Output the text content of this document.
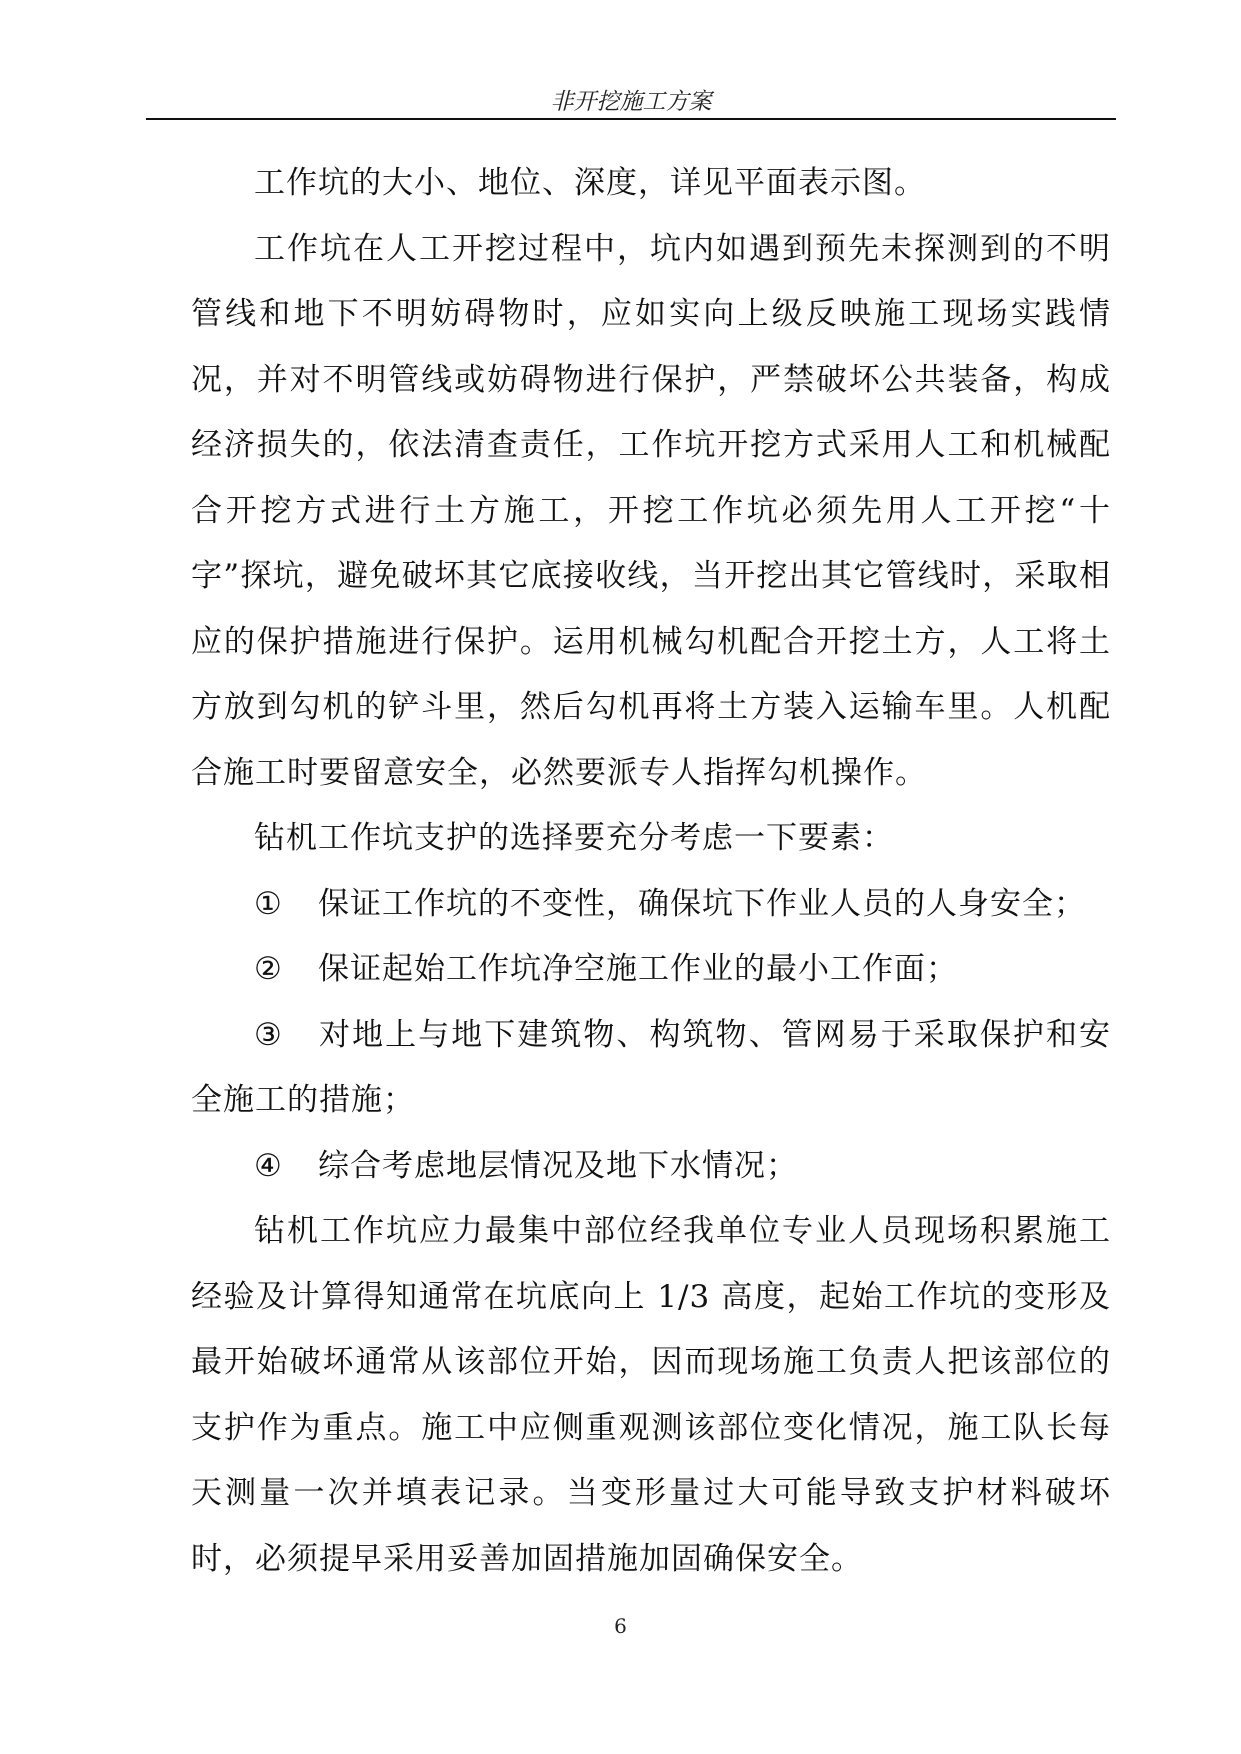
非开挖施工方案

工作坑的大小、地位、深度，详见平面表示图。

工作坑在人工开挖过程中，坑内如遇到预先未探测到的不明管线和地下不明妨碍物时，应如实向上级反映施工现场实践情况，并对不明管线或妨碍物进行保护，严禁破坏公共装备，构成经济损失的，依法清查责任，工作坑开挖方式采用人工和机械配合开挖方式进行土方施工，开挖工作坑必须先用人工开挖“十字”探坑，避免破坏其它底接收线，当开挖出其它管线时，采取相应的保护措施进行保护。运用机械勾机配合开挖土方，人工将土方放到勾机的铲斗里，然后勾机再将土方装入运输车里。人机配合施工时要留意安全，必然要派专人指挥勾机操作。

钻机工作坑支护的选择要充分考虑一下要素：

① 保证工作坑的不变性，确保坑下作业人员的人身安全；

② 保证起始工作坑净空施工作业的最小工作面；

③ 对地上与地下建筑物、构筑物、管网易于采取保护和安全施工的措施；

④ 综合考虑地层情况及地下水情况；

钻机工作坑应力最集中部位经我单位专业人员现场积累施工经验及计算得知通常在坑底向上 1/3 高度，起始工作坑的变形及最开始破坏通常从该部位开始，因而现场施工负责人把该部位的支护作为重点。施工中应侧重观测该部位变化情况，施工队长每天测量一次并填表记录。当变形量过大可能导致支护材料破坏时，必须提早采用妥善加固措施加固确保安全。

6
